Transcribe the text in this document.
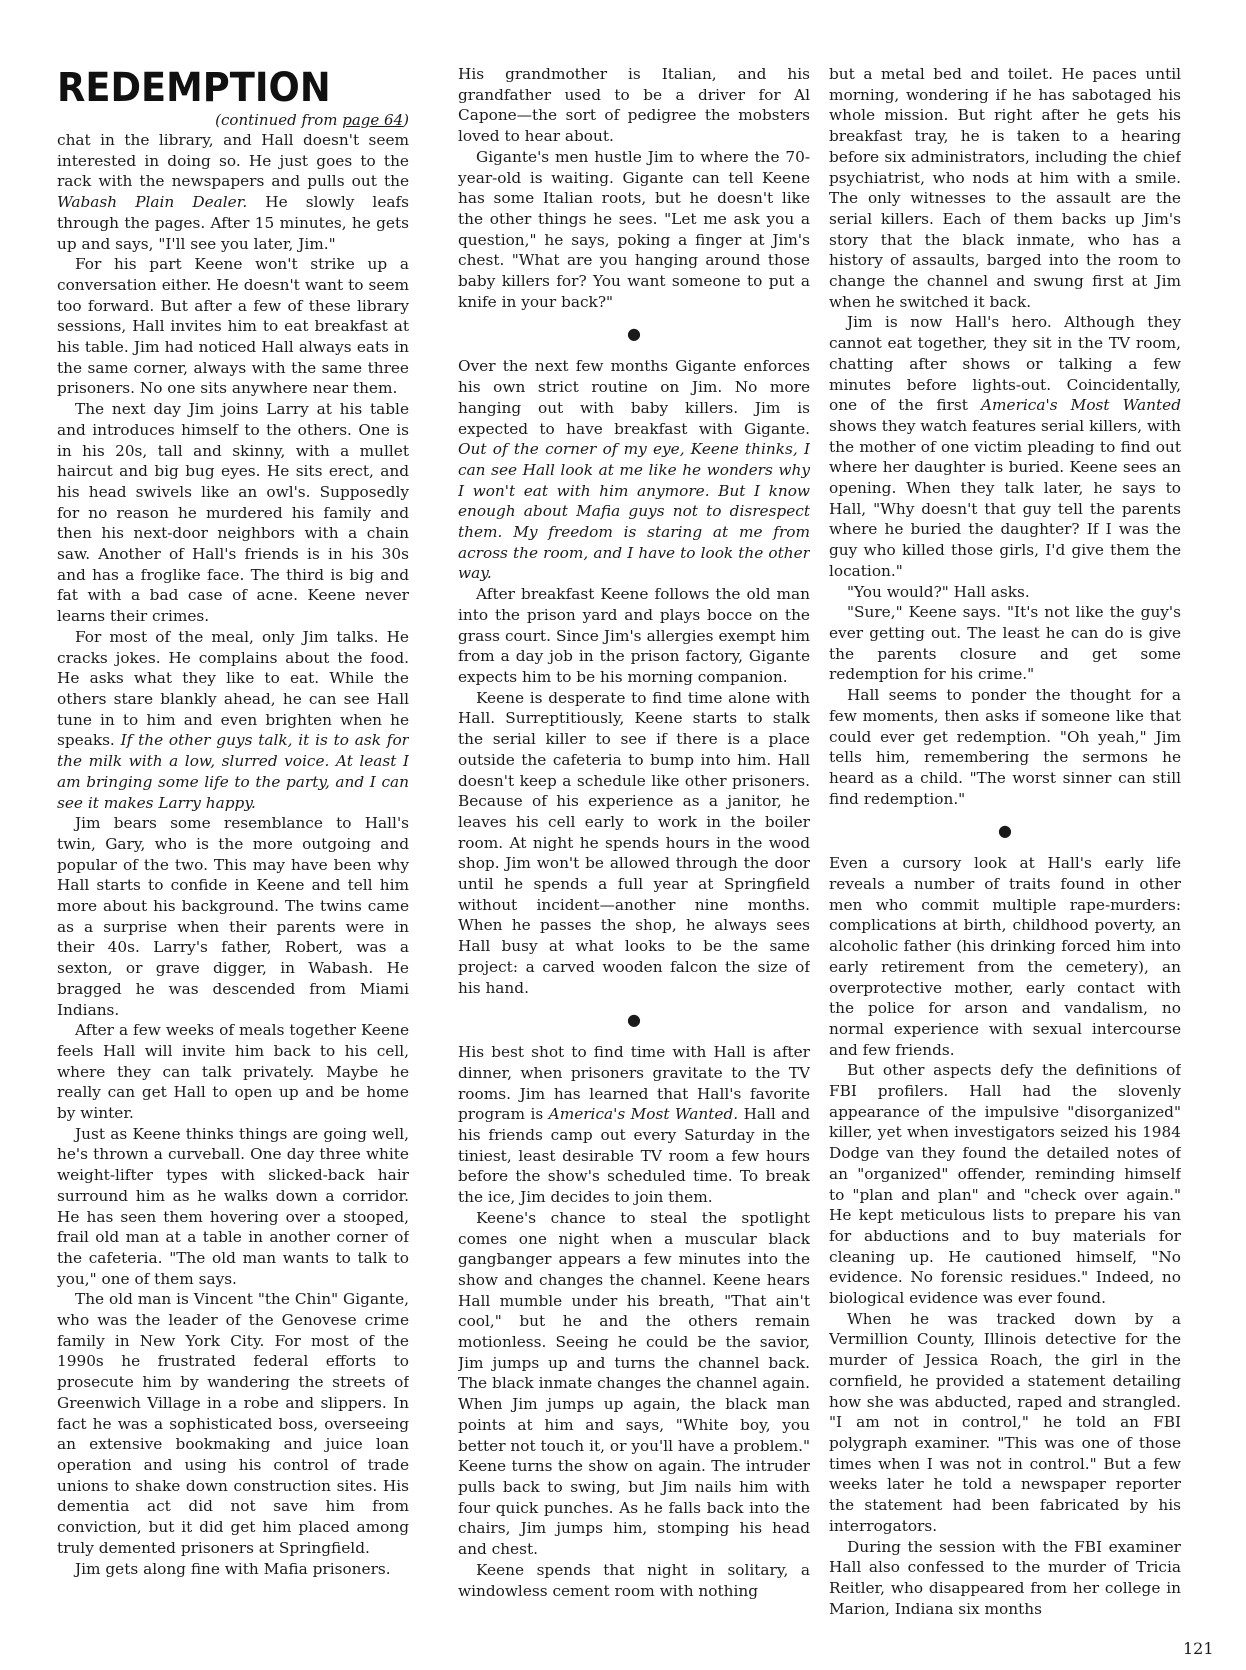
REDEMPTION

(continued from page 64)

chat in the library, and Hall doesn't seem interested in doing so. He just goes to the rack with the newspapers and pulls out the Wabash Plain Dealer. He slowly leafs through the pages. After 15 minutes, he gets up and says, "I'll see you later, Jim."

For his part Keene won't strike up a conversation either. He doesn't want to seem too forward. But after a few of these library sessions, Hall invites him to eat breakfast at his table. Jim had noticed Hall always eats in the same corner, always with the same three prisoners. No one sits anywhere near them.

The next day Jim joins Larry at his table and introduces himself to the others. One is in his 20s, tall and skinny, with a mullet haircut and big bug eyes. He sits erect, and his head swivels like an owl's. Supposedly for no reason he murdered his family and then his next-door neighbors with a chain saw. Another of Hall's friends is in his 30s and has a froglike face. The third is big and fat with a bad case of acne. Keene never learns their crimes.

For most of the meal, only Jim talks. He cracks jokes. He complains about the food. He asks what they like to eat. While the others stare blankly ahead, he can see Hall tune in to him and even brighten when he speaks. If the other guys talk, it is to ask for the milk with a low, slurred voice. At least I am bringing some life to the party, and I can see it makes Larry happy.

Jim bears some resemblance to Hall's twin, Gary, who is the more outgoing and popular of the two. This may have been why Hall starts to confide in Keene and tell him more about his background. The twins came as a surprise when their parents were in their 40s. Larry's father, Robert, was a sexton, or grave digger, in Wabash. He bragged he was descended from Miami Indians.

After a few weeks of meals together Keene feels Hall will invite him back to his cell, where they can talk privately. Maybe he really can get Hall to open up and be home by winter.

Just as Keene thinks things are going well, he's thrown a curveball. One day three white weight-lifter types with slicked-back hair surround him as he walks down a corridor. He has seen them hovering over a stooped, frail old man at a table in another corner of the cafeteria. "The old man wants to talk to you," one of them says.

The old man is Vincent "the Chin" Gigante, who was the leader of the Genovese crime family in New York City. For most of the 1990s he frustrated federal efforts to prosecute him by wandering the streets of Greenwich Village in a robe and slippers. In fact he was a sophisticated boss, overseeing an extensive bookmaking and juice loan operation and using his control of trade unions to shake down construction sites. His dementia act did not save him from conviction, but it did get him placed among truly demented prisoners at Springfield.

Jim gets along fine with Mafia prisoners.

His grandmother is Italian, and his grandfather used to be a driver for Al Capone—the sort of pedigree the mobsters loved to hear about.

Gigante's men hustle Jim to where the 70-year-old is waiting. Gigante can tell Keene has some Italian roots, but he doesn't like the other things he sees. "Let me ask you a question," he says, poking a finger at Jim's chest. "What are you hanging around those baby killers for? You want someone to put a knife in your back?"

●

Over the next few months Gigante enforces his own strict routine on Jim. No more hanging out with baby killers. Jim is expected to have breakfast with Gigante. Out of the corner of my eye, Keene thinks, I can see Hall look at me like he wonders why I won't eat with him anymore. But I know enough about Mafia guys not to disrespect them. My freedom is staring at me from across the room, and I have to look the other way.

After breakfast Keene follows the old man into the prison yard and plays bocce on the grass court. Since Jim's allergies exempt him from a day job in the prison factory, Gigante expects him to be his morning companion.

Keene is desperate to find time alone with Hall. Surreptitiously, Keene starts to stalk the serial killer to see if there is a place outside the cafeteria to bump into him. Hall doesn't keep a schedule like other prisoners. Because of his experience as a janitor, he leaves his cell early to work in the boiler room. At night he spends hours in the wood shop. Jim won't be allowed through the door until he spends a full year at Springfield without incident—another nine months. When he passes the shop, he always sees Hall busy at what looks to be the same project: a carved wooden falcon the size of his hand.

●

His best shot to find time with Hall is after dinner, when prisoners gravitate to the TV rooms. Jim has learned that Hall's favorite program is America's Most Wanted. Hall and his friends camp out every Saturday in the tiniest, least desirable TV room a few hours before the show's scheduled time. To break the ice, Jim decides to join them.

Keene's chance to steal the spotlight comes one night when a muscular black gangbanger appears a few minutes into the show and changes the channel. Keene hears Hall mumble under his breath, "That ain't cool," but he and the others remain motionless. Seeing he could be the savior, Jim jumps up and turns the channel back. The black inmate changes the channel again. When Jim jumps up again, the black man points at him and says, "White boy, you better not touch it, or you'll have a problem." Keene turns the show on again. The intruder pulls back to swing, but Jim nails him with four quick punches. As he falls back into the chairs, Jim jumps him, stomping his head and chest.

Keene spends that night in solitary, a windowless cement room with nothing

but a metal bed and toilet. He paces until morning, wondering if he has sabotaged his whole mission. But right after he gets his breakfast tray, he is taken to a hearing before six administrators, including the chief psychiatrist, who nods at him with a smile. The only witnesses to the assault are the serial killers. Each of them backs up Jim's story that the black inmate, who has a history of assaults, barged into the room to change the channel and swung first at Jim when he switched it back.

Jim is now Hall's hero. Although they cannot eat together, they sit in the TV room, chatting after shows or talking a few minutes before lights-out. Coincidentally, one of the first America's Most Wanted shows they watch features serial killers, with the mother of one victim pleading to find out where her daughter is buried. Keene sees an opening. When they talk later, he says to Hall, "Why doesn't that guy tell the parents where he buried the daughter? If I was the guy who killed those girls, I'd give them the location."

"You would?" Hall asks.

"Sure," Keene says. "It's not like the guy's ever getting out. The least he can do is give the parents closure and get some redemption for his crime."

Hall seems to ponder the thought for a few moments, then asks if someone like that could ever get redemption. "Oh yeah," Jim tells him, remembering the sermons he heard as a child. "The worst sinner can still find redemption."

●

Even a cursory look at Hall's early life reveals a number of traits found in other men who commit multiple rape-murders: complications at birth, childhood poverty, an alcoholic father (his drinking forced him into early retirement from the cemetery), an overprotective mother, early contact with the police for arson and vandalism, no normal experience with sexual intercourse and few friends.

But other aspects defy the definitions of FBI profilers. Hall had the slovenly appearance of the impulsive "disorganized" killer, yet when investigators seized his 1984 Dodge van they found the detailed notes of an "organized" offender, reminding himself to "plan and plan" and "check over again." He kept meticulous lists to prepare his van for abductions and to buy materials for cleaning up. He cautioned himself, "No evidence. No forensic residues." Indeed, no biological evidence was ever found.

When he was tracked down by a Vermillion County, Illinois detective for the murder of Jessica Roach, the girl in the cornfield, he provided a statement detailing how she was abducted, raped and strangled. "I am not in control," he told an FBI polygraph examiner. "This was one of those times when I was not in control." But a few weeks later he told a newspaper reporter the statement had been fabricated by his interrogators.

During the session with the FBI examiner Hall also confessed to the murder of Tricia Reitler, who disappeared from her college in Marion, Indiana six months

121
